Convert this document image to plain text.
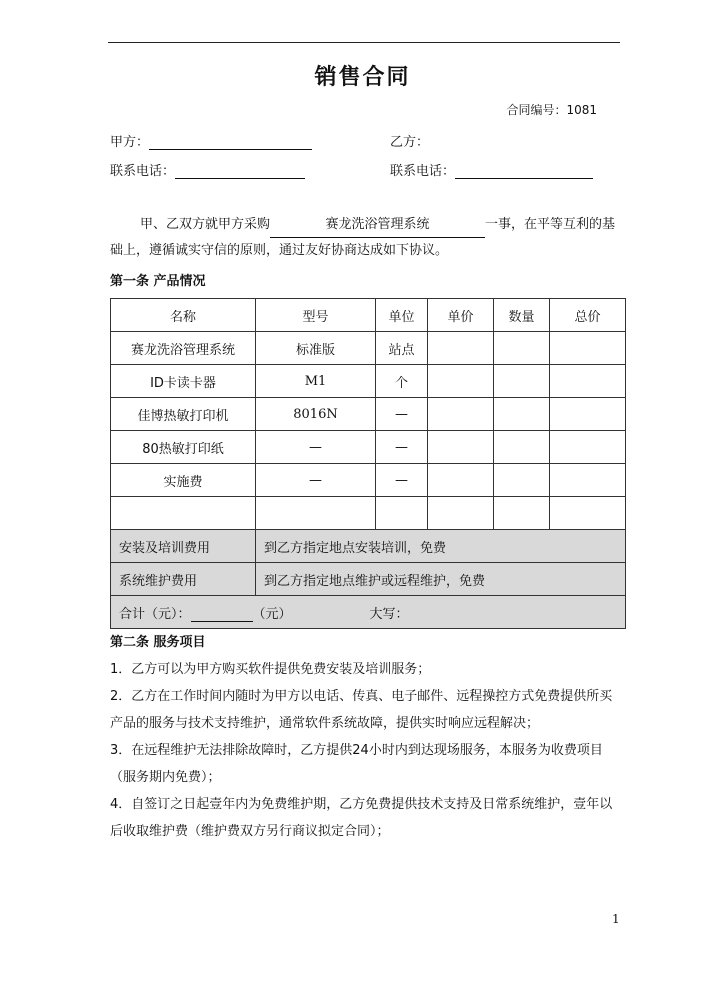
销售合同
合同编号：1081
甲方：
联系电话：
乙方：
联系电话：
甲、乙双方就甲方采购	赛龙洗浴管理系统	一事，在平等互利的基
础上，遵循诚实守信的原则，通过友好协商达成如下协议。
第一条 产品情况
名称	型号	单位	单价	数量	总价
赛龙洗浴管理系统	标准版	站点			
ID卡读卡器	M1	个			
佳博热敏打印机	8016N	—			
80热敏打印纸	—	—			
实施费	—	—			

安装及培训费用	到乙方指定地点安装培训，免费				
系统维护费用	到乙方指定地点维护或远程维护，免费				
合计（元）： （元） 大写：					
第二条 服务项目
1．乙方可以为甲方购买软件提供免费安装及培训服务；
2．乙方在工作时间内随时为甲方以电话、传真、电子邮件、远程操控方式免费提供所买
产品的服务与技术支持维护，通常软件系统故障，提供实时响应远程解决；
3．在远程维护无法排除故障时，乙方提供24小时内到达现场服务，本服务为收费项目
（服务期内免费）；
4．自签订之日起壹年内为免费维护期，乙方免费提供技术支持及日常系统维护，壹年以
后收取维护费（维护费双方另行商议拟定合同）；
1
